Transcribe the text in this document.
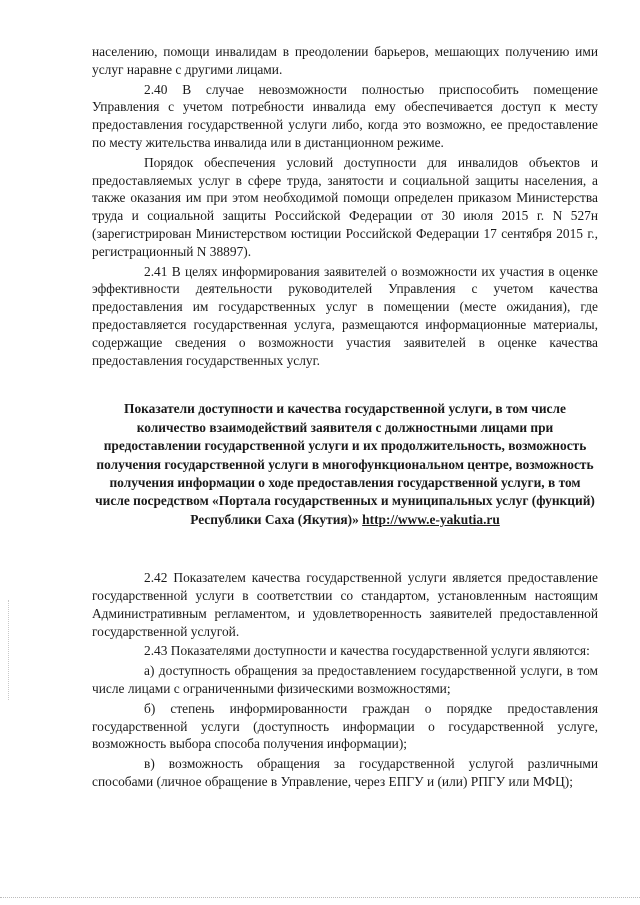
населению, помощи инвалидам в преодолении барьеров, мешающих получению ими услуг наравне с другими лицами.

2.40 В случае невозможности полностью приспособить помещение Управления с учетом потребности инвалида ему обеспечивается доступ к месту предоставления государственной услуги либо, когда это возможно, ее предоставление по месту жительства инвалида или в дистанционном режиме.

Порядок обеспечения условий доступности для инвалидов объектов и предоставляемых услуг в сфере труда, занятости и социальной защиты населения, а также оказания им при этом необходимой помощи определен приказом Министерства труда и социальной защиты Российской Федерации от 30 июля 2015 г. N 527н (зарегистрирован Министерством юстиции Российской Федерации 17 сентября 2015 г., регистрационный N 38897).

2.41 В целях информирования заявителей о возможности их участия в оценке эффективности деятельности руководителей Управления с учетом качества предоставления им государственных услуг в помещении (месте ожидания), где предоставляется государственная услуга, размещаются информационные материалы, содержащие сведения о возможности участия заявителей в оценке качества предоставления государственных услуг.

Показатели доступности и качества государственной услуги, в том числе количество взаимодействий заявителя с должностными лицами при предоставлении государственной услуги и их продолжительность, возможность получения государственной услуги в многофункциональном центре, возможность получения информации о ходе предоставления государственной услуги, в том числе посредством «Портала государственных и муниципальных услуг (функций) Республики Саха (Якутия)» http://www.e-yakutia.ru

2.42 Показателем качества государственной услуги является предоставление государственной услуги в соответствии со стандартом, установленным настоящим Административным регламентом, и удовлетворенность заявителей предоставленной государственной услугой.

2.43 Показателями доступности и качества государственной услуги являются:

а) доступность обращения за предоставлением государственной услуги, в том числе лицами с ограниченными физическими возможностями;

б) степень информированности граждан о порядке предоставления государственной услуги (доступность информации о государственной услуге, возможность выбора способа получения информации);

в) возможность обращения за государственной услугой различными способами (личное обращение в Управление, через ЕПГУ и (или) РПГУ или МФЦ);
